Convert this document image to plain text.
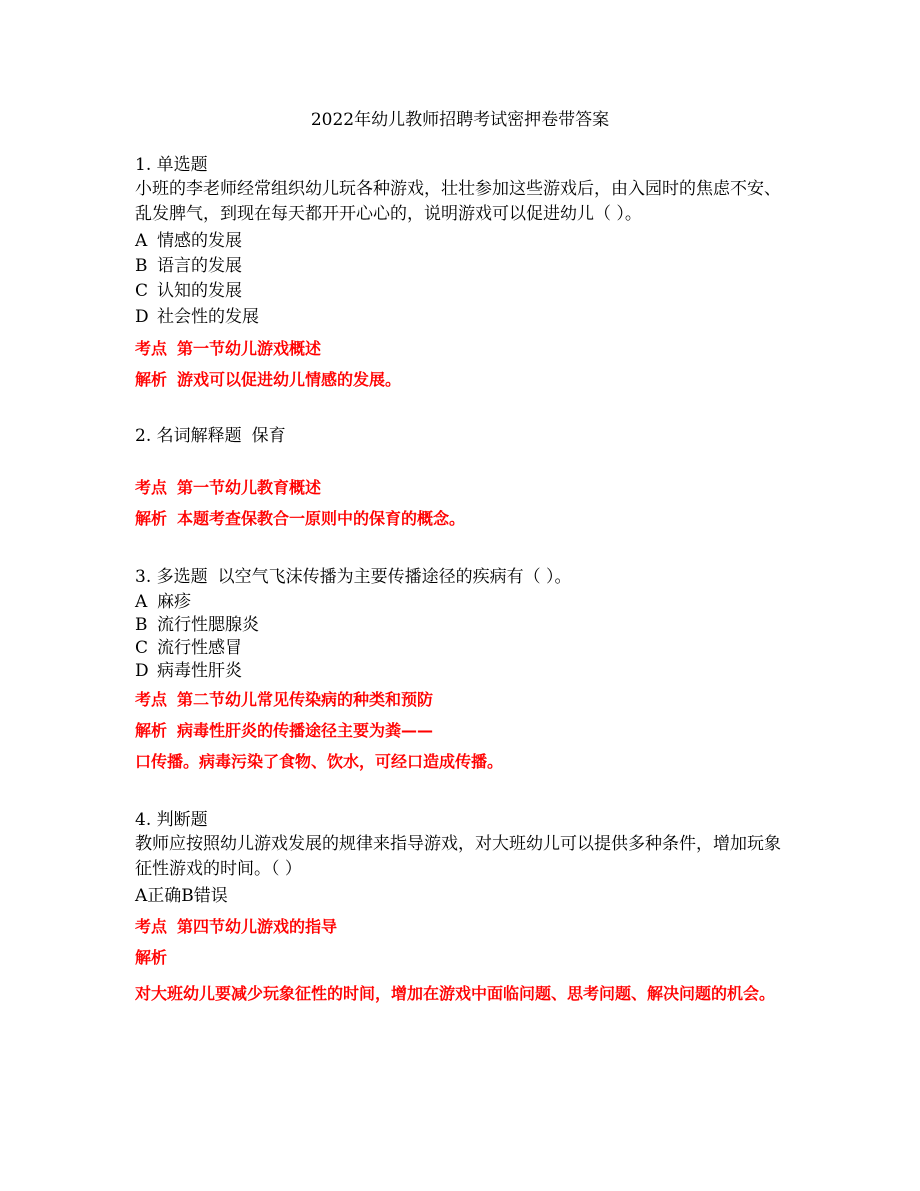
2022年幼儿教师招聘考试密押卷带答案
1. 单选题
小班的李老师经常组织幼儿玩各种游戏，壮壮参加这些游戏后，由入园时的焦虑不安、乱发脾气，到现在每天都开开心心的，说明游戏可以促进幼儿（ ）。
A 情感的发展
B 语言的发展
C 认知的发展
D 社会性的发展
考点 第一节幼儿游戏概述
解析 游戏可以促进幼儿情感的发展。
2. 名词解释题 保育
考点 第一节幼儿教育概述
解析 本题考查保教合一原则中的保育的概念。
3. 多选题 以空气飞沫传播为主要传播途径的疾病有（ ）。
A 麻疹
B 流行性腮腺炎
C 流行性感冒
D 病毒性肝炎
考点 第二节幼儿常见传染病的种类和预防
解析 病毒性肝炎的传播途径主要为粪——
口传播。病毒污染了食物、饮水，可经口造成传播。
4. 判断题
教师应按照幼儿游戏发展的规律来指导游戏，对大班幼儿可以提供多种条件，增加玩象征性游戏的时间。（ ）
A正确B错误
考点 第四节幼儿游戏的指导
解析
对大班幼儿要减少玩象征性的时间，增加在游戏中面临问题、思考问题、解决问题的机会。
